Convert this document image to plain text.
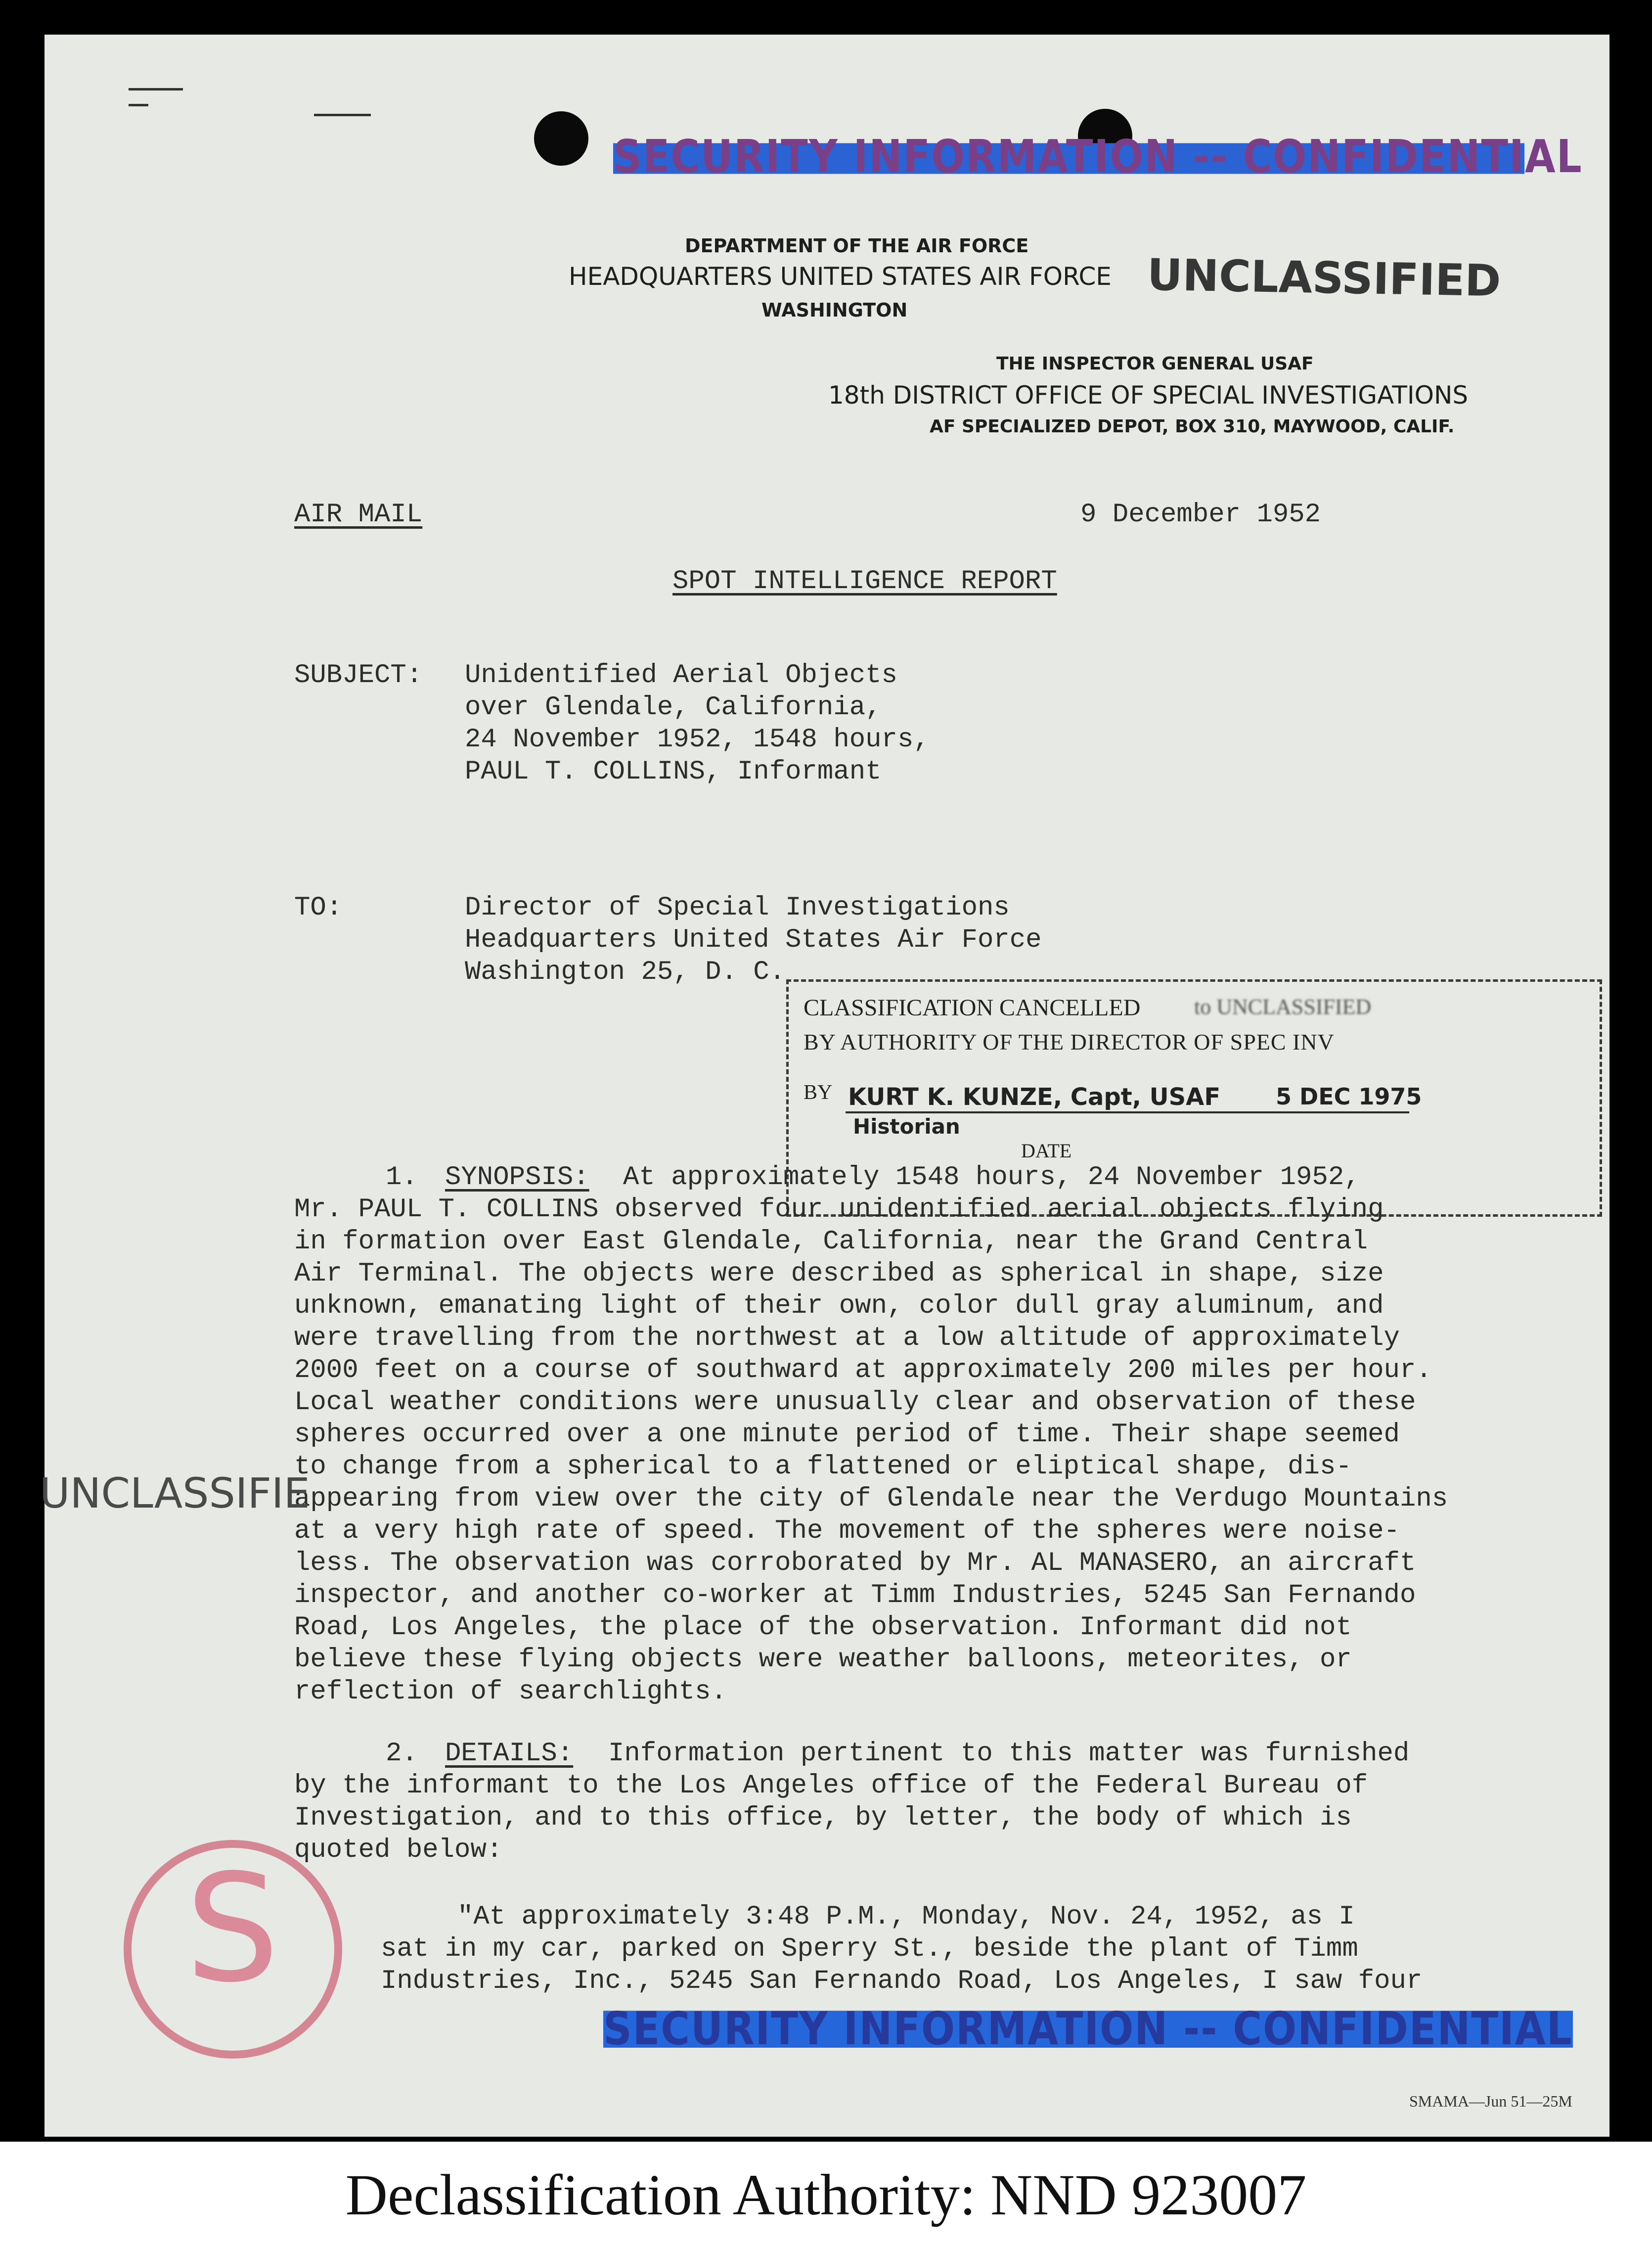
SECURITY INFORMATION -- CONFIDENTIAL
DEPARTMENT OF THE AIR FORCE
HEADQUARTERS UNITED STATES AIR FORCE
WASHINGTON
UNCLASSIFIED
THE INSPECTOR GENERAL USAF
18th DISTRICT OFFICE OF SPECIAL INVESTIGATIONS
AF SPECIALIZED DEPOT, BOX 310, MAYWOOD, CALIF.
AIR MAIL	9 December 1952
SPOT INTELLIGENCE REPORT
SUBJECT: Unidentified Aerial Objects
over Glendale, California,
24 November 1952, 1548 hours,
PAUL T. COLLINS, Informant
TO:	Director of Special Investigations
Headquarters United States Air Force
Washington 25, D. C.
CLASSIFICATION CANCELLED to UNCLASSIFIED
BY AUTHORITY OF THE DIRECTOR OF SPEC INV
BY KURT K. KUNZE, Capt, USAF
Historian
5 DEC 1975
DATE
1. SYNOPSIS: At approximately 1548 hours, 24 November 1952,
Mr. PAUL T. COLLINS observed four unidentified aerial objects flying
in formation over East Glendale, California, near the Grand Central
Air Terminal. The objects were described as spherical in shape, size
unknown, emanating light of their own, color dull gray aluminum, and
were travelling from the northwest at a low altitude of approximately
2000 feet on a course of southward at approximately 200 miles per hour.
Local weather conditions were unusually clear and observation of these
spheres occurred over a one minute period of time. Their shape seemed
to change from a spherical to a flattened or eliptical shape, dis-
appearing from view over the city of Glendale near the Verdugo Mountains
at a very high rate of speed. The movement of the spheres were noise-
less. The observation was corroborated by Mr. AL MANASERO, an aircraft
inspector, and another co-worker at Timm Industries, 5245 San Fernando
Road, Los Angeles, the place of the observation. Informant did not
believe these flying objects were weather balloons, meteorites, or
reflection of searchlights.
UNCLASSIFIE
2. DETAILS: Information pertinent to this matter was furnished
by the informant to the Los Angeles office of the Federal Bureau of
Investigation, and to this office, by letter, the body of which is
quoted below:
"At approximately 3:48 P.M., Monday, Nov. 24, 1952, as I
sat in my car, parked on Sperry St., beside the plant of Timm
Industries, Inc., 5245 San Fernando Road, Los Angeles, I saw four
S
SECURITY INFORMATION -- CONFIDENTIAL
SMAMA—Jun 51—25M
Declassification Authority: NND 923007
